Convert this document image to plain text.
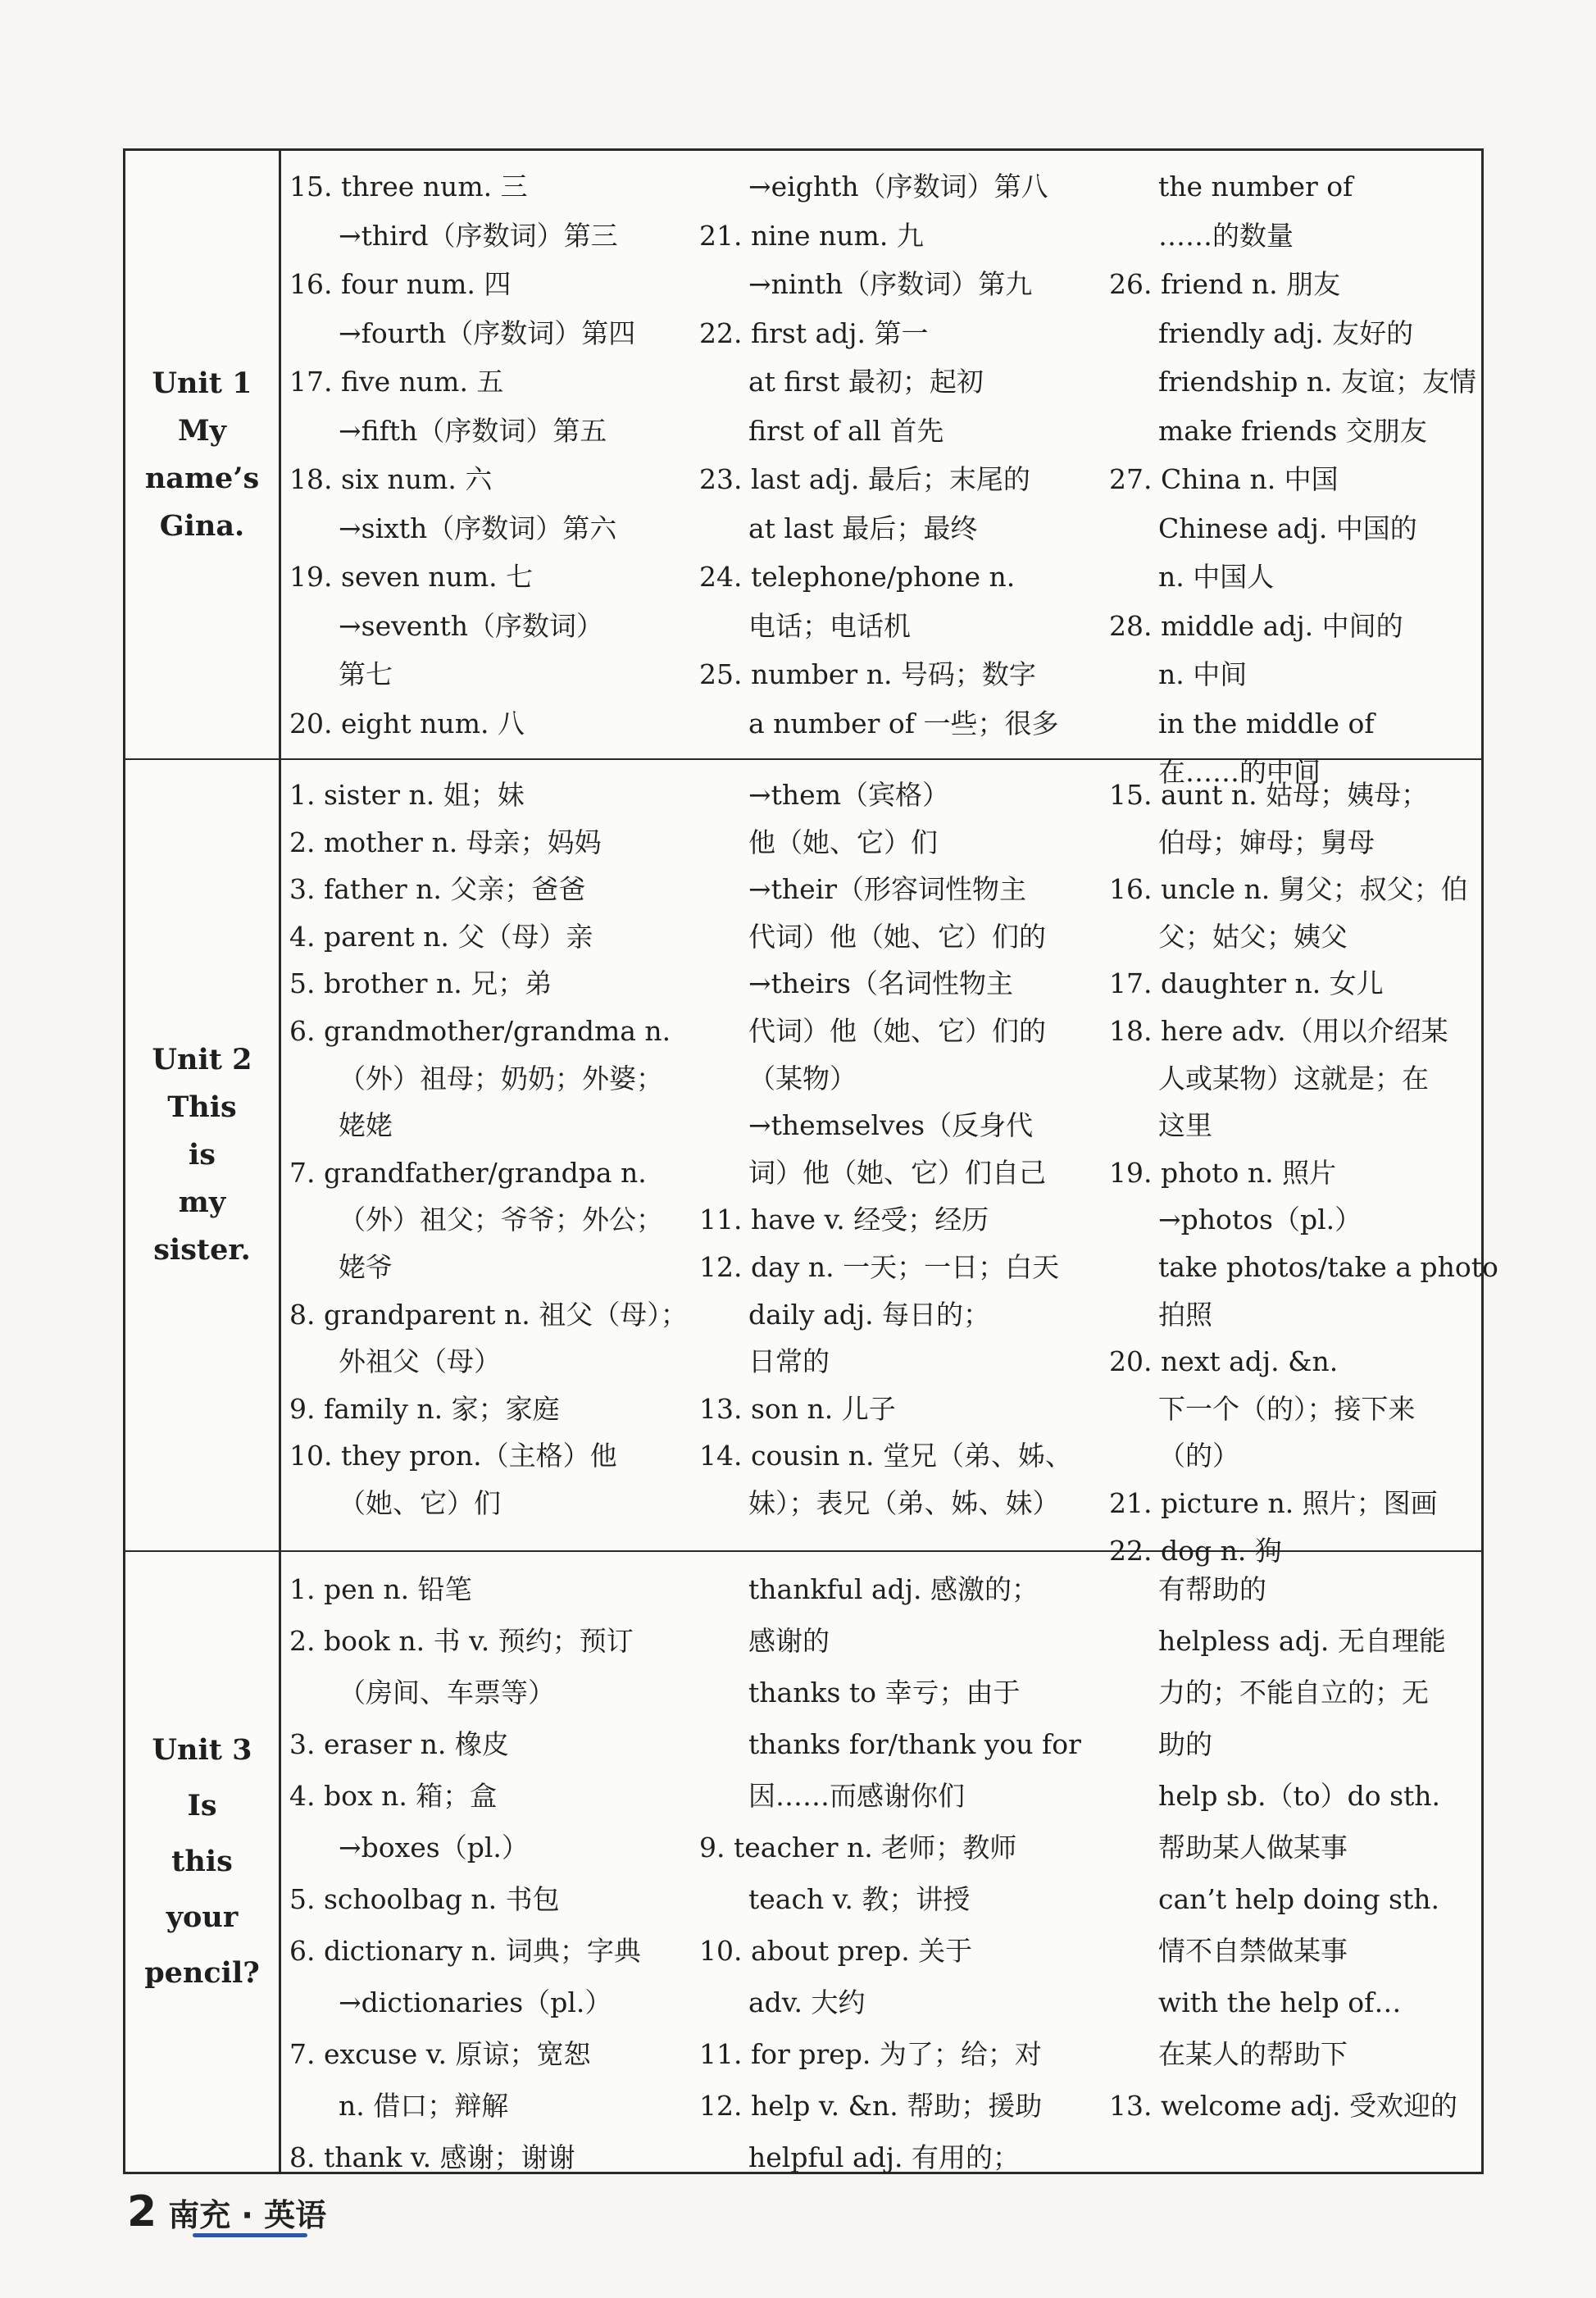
Unit 1
My
name’s
Gina.
15. three num. 三
→third（序数词）第三
16. four num. 四
→fourth（序数词）第四
17. five num. 五
→fifth（序数词）第五
18. six num. 六
→sixth（序数词）第六
19. seven num. 七
→seventh（序数词）
第七
20. eight num. 八
→eighth（序数词）第八
21. nine num. 九
→ninth（序数词）第九
22. first adj. 第一
at first 最初；起初
first of all 首先
23. last adj. 最后；末尾的
at last 最后；最终
24. telephone/phone n.
电话；电话机
25. number n. 号码；数字
a number of 一些；很多
the number of
……的数量
26. friend n. 朋友
friendly adj. 友好的
friendship n. 友谊；友情
make friends 交朋友
27. China n. 中国
Chinese adj. 中国的
n. 中国人
28. middle adj. 中间的
n. 中间
in the middle of
在……的中间
Unit 2
This
is
my
sister.
1. sister n. 姐；妹
2. mother n. 母亲；妈妈
3. father n. 父亲；爸爸
4. parent n. 父（母）亲
5. brother n. 兄；弟
6. grandmother/grandma n.
（外）祖母；奶奶；外婆；
姥姥
7. grandfather/grandpa n.
（外）祖父；爷爷；外公；
姥爷
8. grandparent n. 祖父（母）；
外祖父（母）
9. family n. 家；家庭
10. they pron.（主格）他
（她、它）们
→them（宾格）
他（她、它）们
→their（形容词性物主
代词）他（她、它）们的
→theirs（名词性物主
代词）他（她、它）们的
（某物）
→themselves（反身代
词）他（她、它）们自己
11. have v. 经受；经历
12. day n. 一天；一日；白天
daily adj. 每日的；
日常的
13. son n. 儿子
14. cousin n. 堂兄（弟、姊、
妹）；表兄（弟、姊、妹）
15. aunt n. 姑母；姨母；
伯母；婶母；舅母
16. uncle n. 舅父；叔父；伯
父；姑父；姨父
17. daughter n. 女儿
18. here adv.（用以介绍某
人或某物）这就是；在
这里
19. photo n. 照片
→photos（pl.）
take photos/take a photo
拍照
20. next adj. &n.
下一个（的）；接下来
（的）
21. picture n. 照片；图画
22. dog n. 狗
Unit 3
Is
this
your
pencil?
1. pen n. 铅笔
2. book n. 书 v. 预约；预订
（房间、车票等）
3. eraser n. 橡皮
4. box n. 箱；盒
→boxes（pl.）
5. schoolbag n. 书包
6. dictionary n. 词典；字典
→dictionaries（pl.）
7. excuse v. 原谅；宽恕
n. 借口；辩解
8. thank v. 感谢；谢谢
thankful adj. 感激的；
感谢的
thanks to 幸亏；由于
thanks for/thank you for
因……而感谢你们
9. teacher n. 老师；教师
teach v. 教；讲授
10. about prep. 关于
adv. 大约
11. for prep. 为了；给；对
12. help v. &n. 帮助；援助
helpful adj. 有用的；
有帮助的
helpless adj. 无自理能
力的；不能自立的；无
助的
help sb.（to）do sth.
帮助某人做某事
can’t help doing sth.
情不自禁做某事
with the help of…
在某人的帮助下
13. welcome adj. 受欢迎的
2 南充 · 英语
